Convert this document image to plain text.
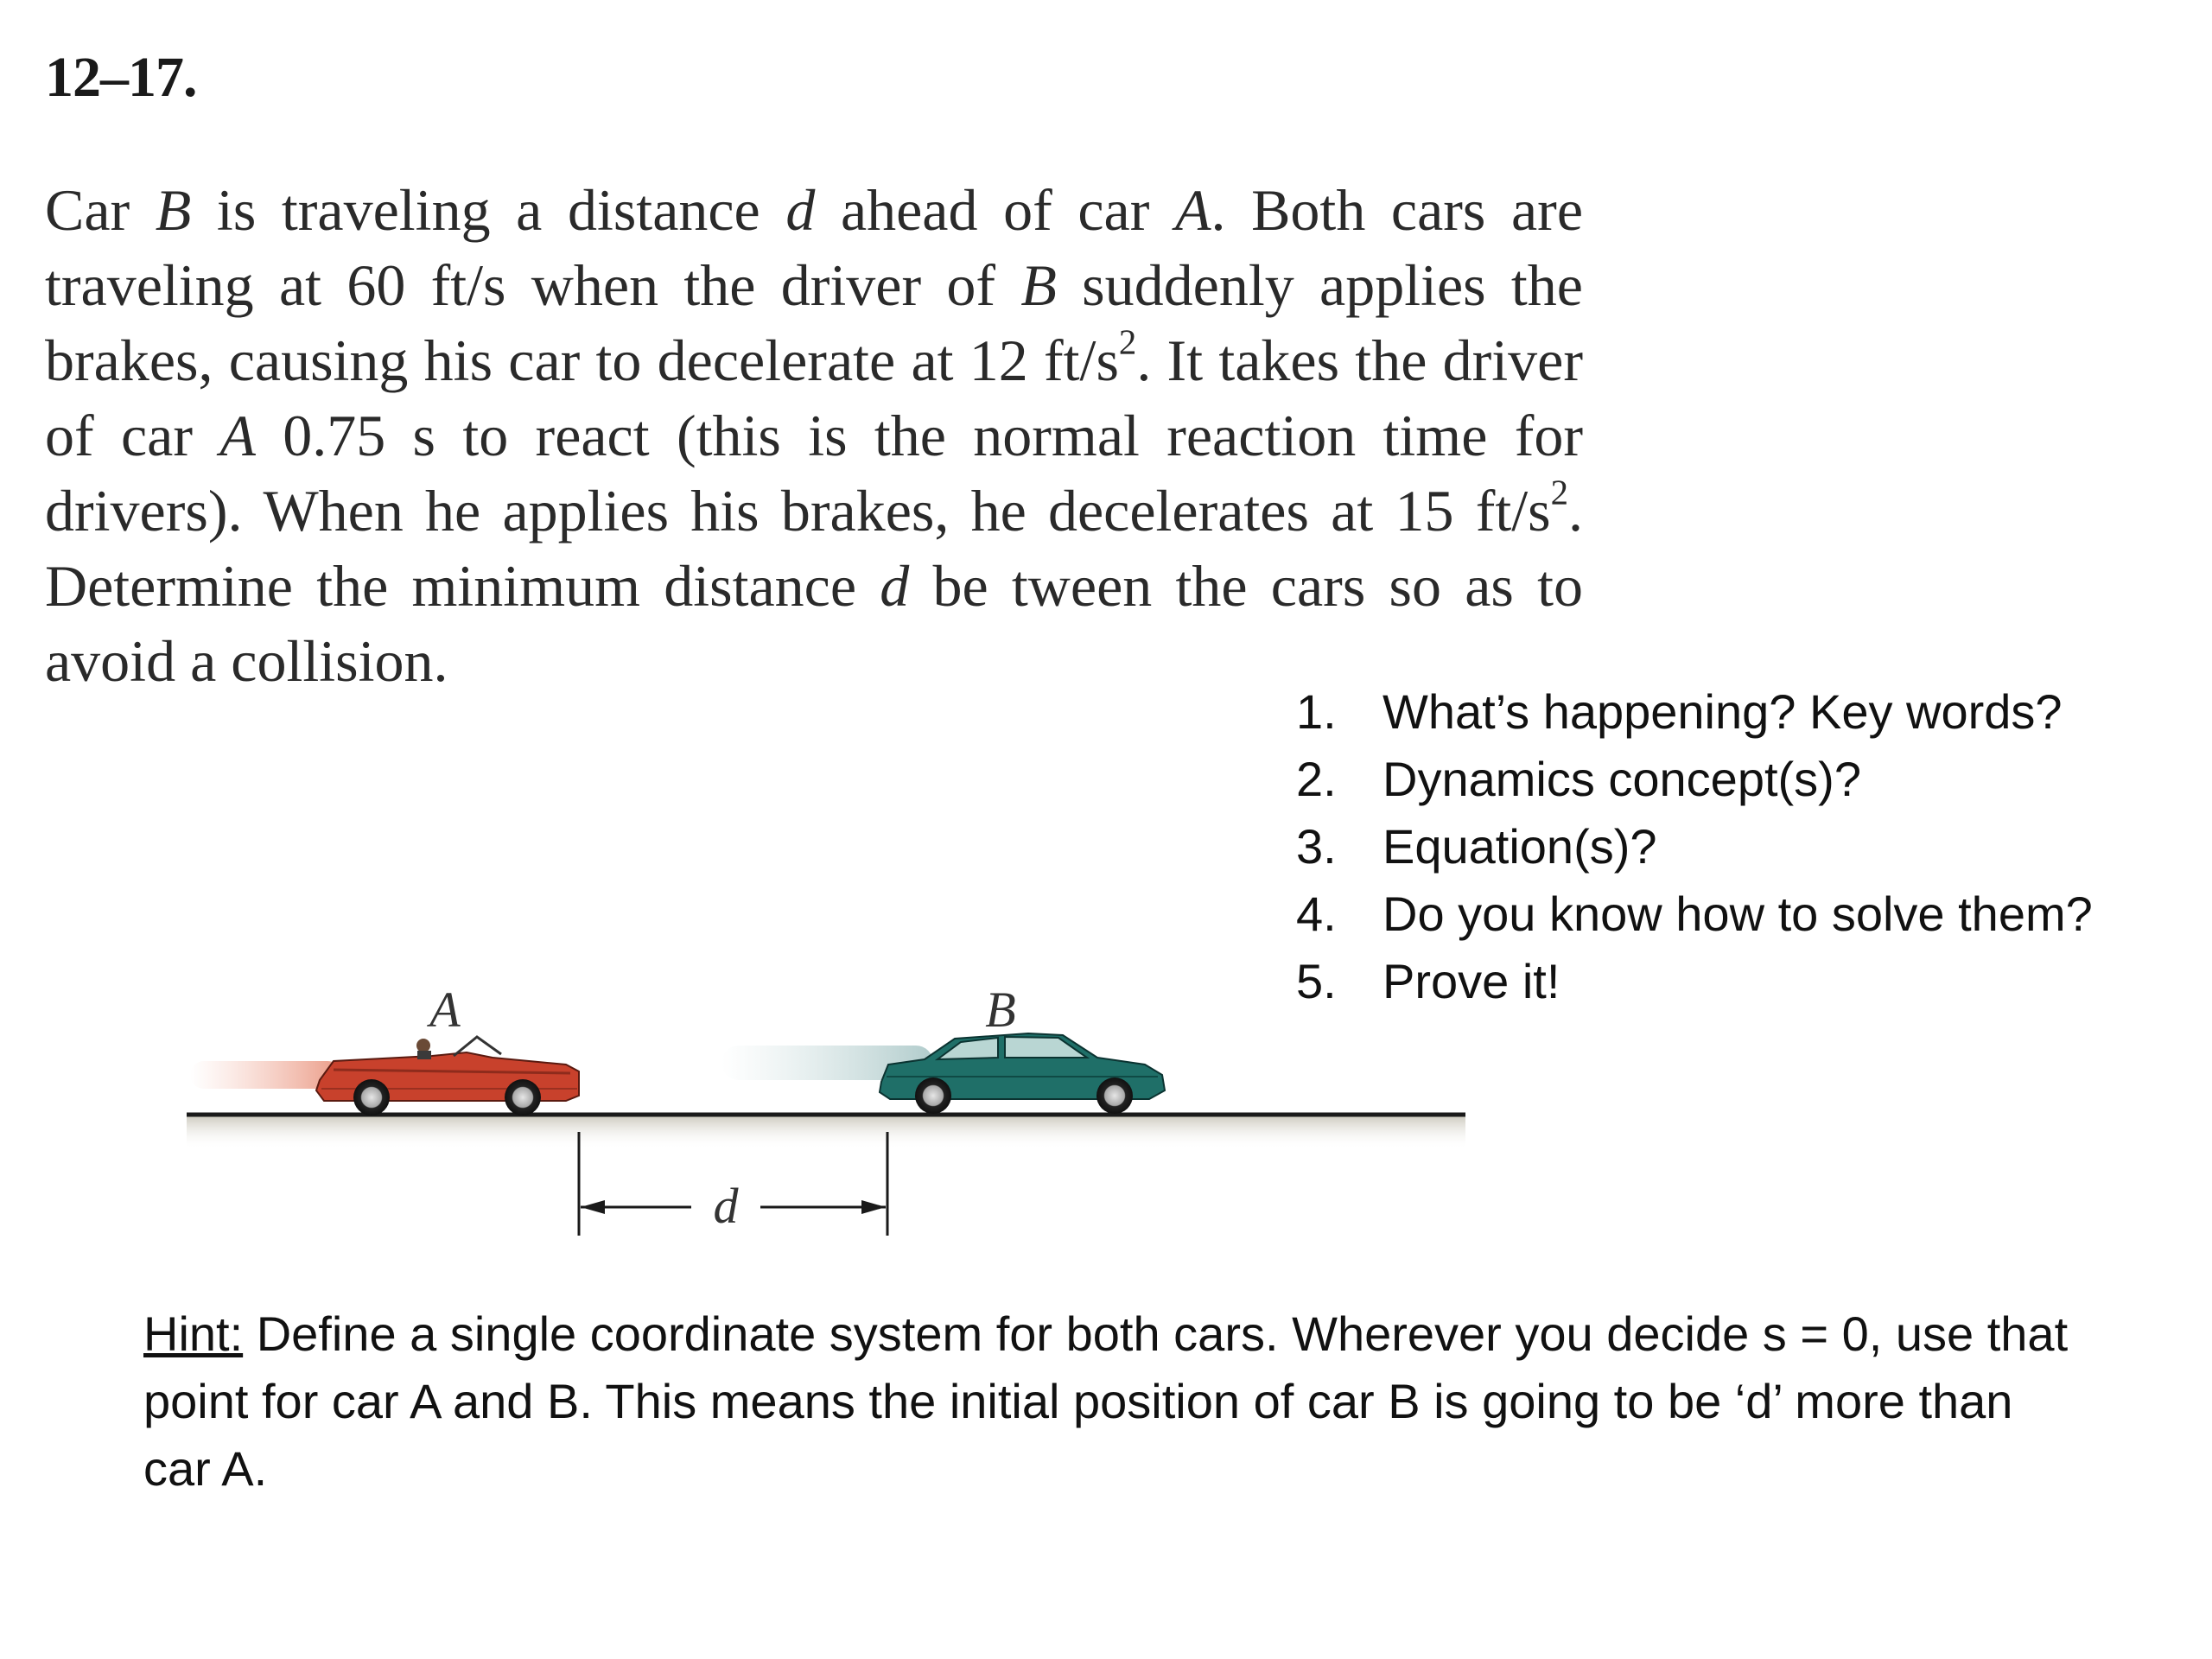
12–17.

Car B is traveling a distance d ahead of car A. Both cars are traveling at 60 ft/s when the driver of B suddenly applies the brakes, causing his car to decelerate at 12 $ft/s^2$. It takes the driver of car A 0.75 s to react (this is the normal reaction time for drivers). When he applies his brakes, he decelerates at 15 $ft/s^2$. Determine the minimum distance d be tween the cars so as to avoid a collision.

1. What’s happening? Key words?
2. Dynamics concept(s)?
3. Equation(s)?
4. Do you know how to solve them?
5. Prove it!
A	B
d
Hint: Define a single coordinate system for both cars. Wherever you decide s = 0, use that point for car A and B. This means the initial position of car B is going to be ‘d’ more than car A.
